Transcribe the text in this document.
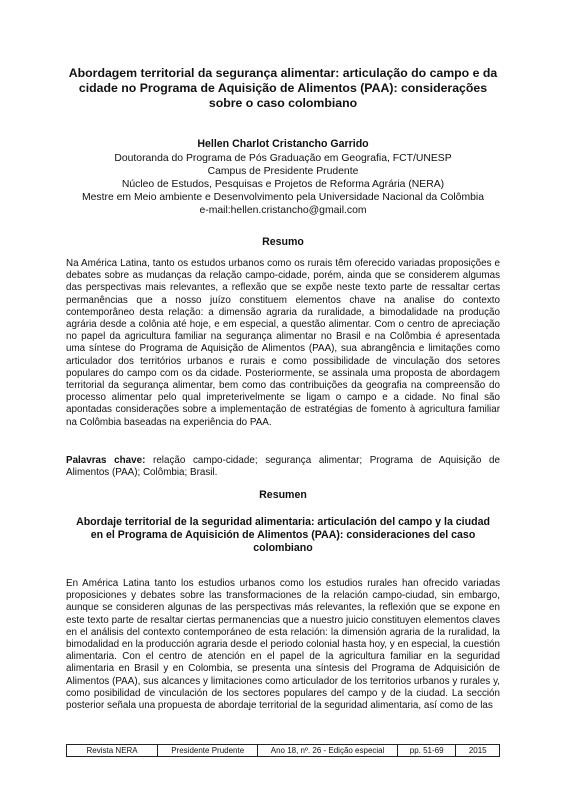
Abordagem territorial da segurança alimentar: articulação do campo e da cidade no Programa de Aquisição de Alimentos (PAA): considerações sobre o caso colombiano
Hellen Charlot Cristancho Garrido
Doutoranda do Programa de Pós Graduação em Geografia, FCT/UNESP
Campus de Presidente Prudente
Núcleo de Estudos, Pesquisas e Projetos de Reforma Agrária (NERA)
Mestre em Meio ambiente e Desenvolvimento pela Universidade Nacional da Colômbia
e-mail:hellen.cristancho@gmail.com
Resumo

Na América Latina, tanto os estudos urbanos como os rurais têm oferecido variadas proposições e debates sobre as mudanças da relação campo-cidade, porém, ainda que se considerem algumas das perspectivas mais relevantes, a reflexão que se expõe neste texto parte de ressaltar certas permanências que a nosso juízo constituem elementos chave na analise do contexto contemporâneo desta relação: a dimensão agraria da ruralidade, a bimodalidade na produção agrária desde a colônia até hoje, e em especial, a questão alimentar. Com o centro de apreciação no papel da agricultura familiar na segurança alimentar no Brasil e na Colômbia é apresentada uma síntese do Programa de Aquisição de Alimentos (PAA), sua abrangência e limitações como articulador dos territórios urbanos e rurais e como possibilidade de vinculação dos setores populares do campo com os da cidade. Posteriormente, se assinala uma proposta de abordagem territorial da segurança alimentar, bem como das contribuições da geografia na compreensão do processo alimentar pelo qual impreterivelmente se ligam o campo e a cidade. No final são apontadas considerações sobre a implementação de estratégias de fomento à agricultura familiar na Colômbia baseadas na experiência do PAA.

Palavras chave: relação campo-cidade; segurança alimentar; Programa de Aquisição de Alimentos (PAA); Colômbia; Brasil.

Resumen
Abordaje territorial de la seguridad alimentaria: articulación del campo y la ciudad en el Programa de Aquisición de Alimentos (PAA): consideraciones del caso colombiano

En América Latina tanto los estudios urbanos como los estudios rurales han ofrecido variadas proposiciones y debates sobre las transformaciones de la relación campo-ciudad, sin embargo, aunque se consideren algunas de las perspectivas más relevantes, la reflexión que se expone en este texto parte de resaltar ciertas permanencias que a nuestro juicio constituyen elementos claves en el análisis del contexto contemporáneo de esta relación: la dimensión agraria de la ruralidad, la bimodalidad en la producción agraria desde el periodo colonial hasta hoy, y en especial, la cuestión alimentaria. Con el centro de atención en el papel de la agricultura familiar en la seguridad alimentaria en Brasil y en Colombia, se presenta una síntesis del Programa de Adquisición de Alimentos (PAA), sus alcances y limitaciones como articulador de los territorios urbanos y rurales y, como posibilidad de vinculación de los sectores populares del campo y de la ciudad. La sección posterior señala una propuesta de abordaje territorial de la seguridad alimentaria, así como de las

Revista NERA	Presidente Prudente	Ano 18, nº. 26 - Edição especial	pp. 51-69	2015
